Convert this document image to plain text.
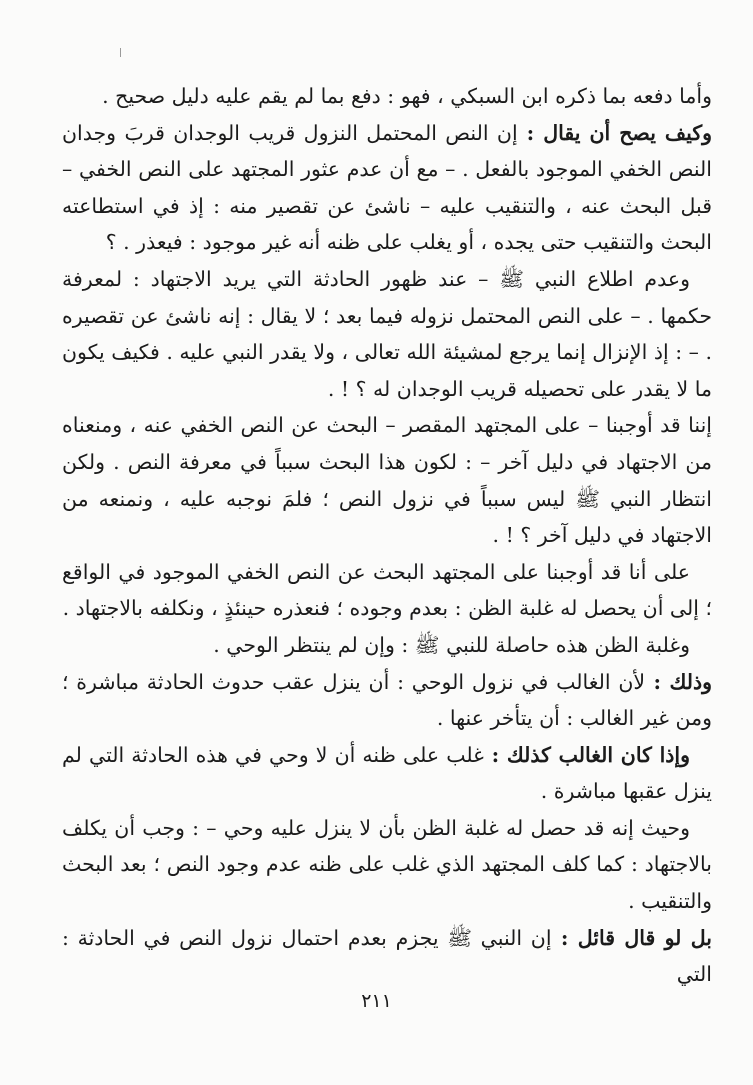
وأما دفعه بما ذكره ابن السبكي ، فهو : دفع بما لم يقم عليه دليل صحيح .

وكيف يصح أن يقال : إن النص المحتمل النزول قريب الوجدان قربَ وجدان النص الخفي الموجود بالفعل . – مع أن عدم عثور المجتهد على النص الخفي – قبل البحث عنه ، والتنقيب عليه – ناشئ عن تقصير منه : إذ في استطاعته البحث والتنقيب حتى يجده ، أو يغلب على ظنه أنه غير موجود : فيعذر . ؟

وعدم اطلاع النبي ﷺ – عند ظهور الحادثة التي يريد الاجتهاد : لمعرفة حكمها . – على النص المحتمل نزوله فيما بعد ؛ لا يقال : إنه ناشئ عن تقصيره . – : إذ الإنزال إنما يرجع لمشيئة الله تعالى ، ولا يقدر النبي عليه . فكيف يكون ما لا يقدر على تحصيله قريب الوجدان له ؟ ! .

إننا قد أوجبنا – على المجتهد المقصر – البحث عن النص الخفي عنه ، ومنعناه من الاجتهاد في دليل آخر – : لكون هذا البحث سبباً في معرفة النص . ولكن انتظار النبي ﷺ ليس سبباً في نزول النص ؛ فلمَ نوجبه عليه ، ونمنعه من الاجتهاد في دليل آخر ؟ ! .

على أنا قد أوجبنا على المجتهد البحث عن النص الخفي الموجود في الواقع ؛ إلى أن يحصل له غلبة الظن : بعدم وجوده ؛ فنعذره حينئذٍ ، ونكلفه بالاجتهاد .

وغلبة الظن هذه حاصلة للنبي ﷺ : وإن لم ينتظر الوحي .

وذلك : لأن الغالب في نزول الوحي : أن ينزل عقب حدوث الحادثة مباشرة ؛ ومن غير الغالب : أن يتأخر عنها .

وإذا كان الغالب كذلك : غلب على ظنه أن لا وحي في هذه الحادثة التي لم ينزل عقبها مباشرة .

وحيث إنه قد حصل له غلبة الظن بأن لا ينزل عليه وحي – : وجب أن يكلف بالاجتهاد : كما كلف المجتهد الذي غلب على ظنه عدم وجود النص ؛ بعد البحث والتنقيب .

بل لو قال قائل : إن النبي ﷺ يجزم بعدم احتمال نزول النص في الحادثة : التي

٢١١
